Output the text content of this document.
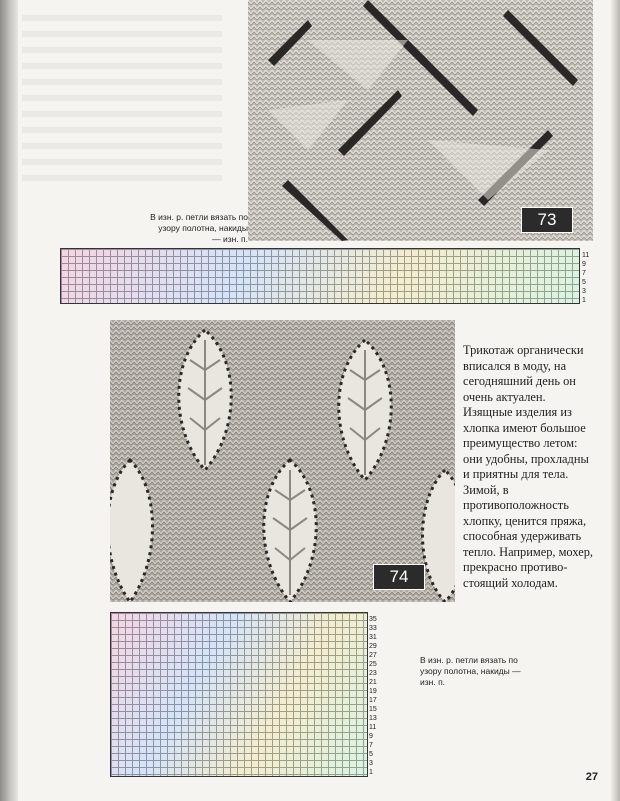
73
В изн. р. петли вязать по узору полотна, накиды — изн. п.
11
9
7
5
3
1
74
Трикотаж органически
вписался в моду, на
сегодняшний день он
очень актуален.
Изящные изделия из
хлопка имеют большое
преимущество летом:
они удобны, прохладны
и приятны для тела.
Зимой, в
противоположность
хлопку, ценится пряжа,
способная удерживать
тепло. Например, мохер,
прекрасно противо-
стоящий холодам.
35
33
31
29
27
25
23
21
19
17
15
13
11
9
7
5
3
1
В изн. р. петли вязать по узору полотна, накиды — изн. п.
27
